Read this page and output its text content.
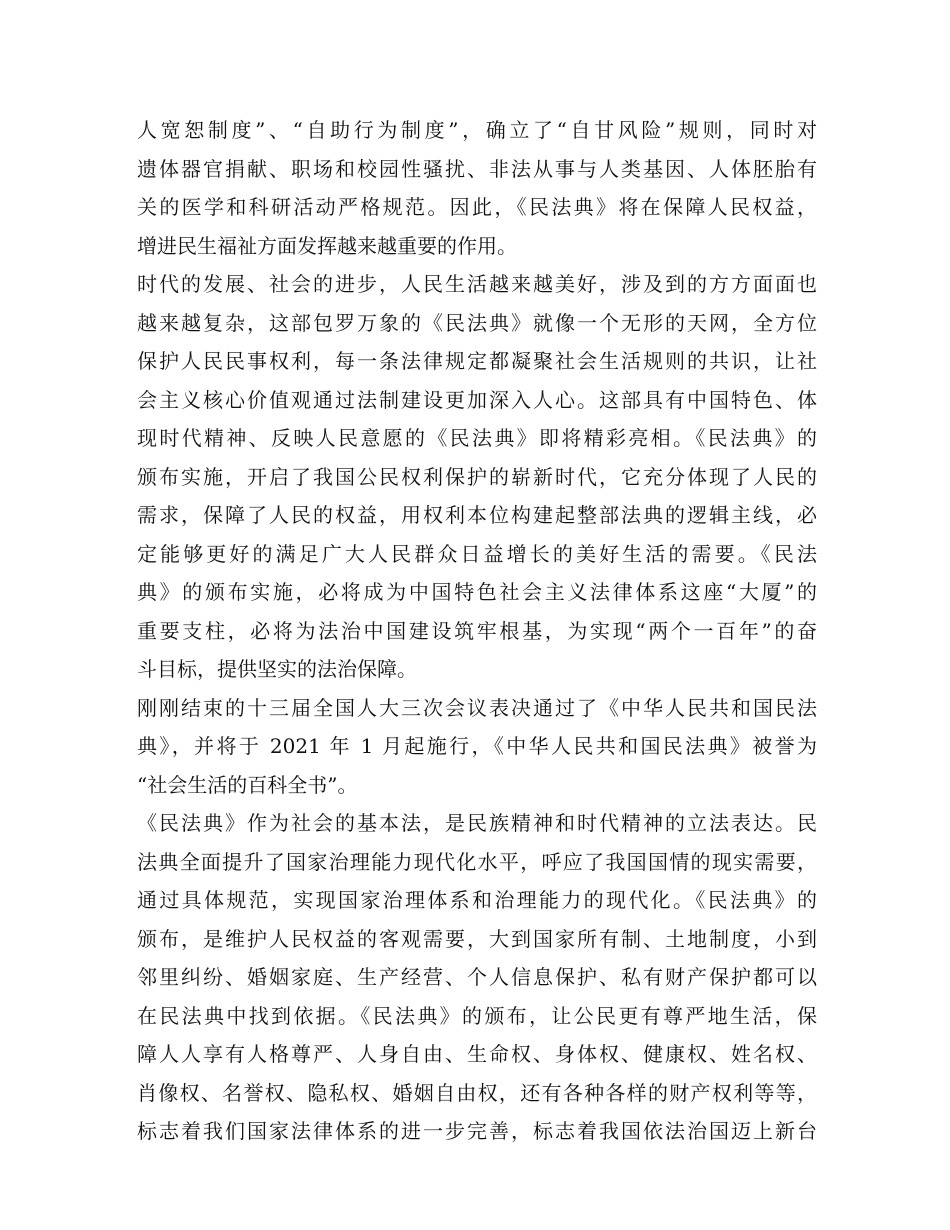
人宽恕制度”、“自助行为制度”，确立了“自甘风险”规则，同时对
遗体器官捐献、职场和校园性骚扰、非法从事与人类基因、人体胚胎有
关的医学和科研活动严格规范。因此，《民法典》将在保障人民权益，
增进民生福祉方面发挥越来越重要的作用。
时代的发展、社会的进步，人民生活越来越美好，涉及到的方方面面也
越来越复杂，这部包罗万象的《民法典》就像一个无形的天网，全方位
保护人民民事权利，每一条法律规定都凝聚社会生活规则的共识，让社
会主义核心价值观通过法制建设更加深入人心。这部具有中国特色、体
现时代精神、反映人民意愿的《民法典》即将精彩亮相。《民法典》的
颁布实施，开启了我国公民权利保护的崭新时代，它充分体现了人民的
需求，保障了人民的权益，用权利本位构建起整部法典的逻辑主线，必
定能够更好的满足广大人民群众日益增长的美好生活的需要。《民法
典》的颁布实施，必将成为中国特色社会主义法律体系这座“大厦”的
重要支柱，必将为法治中国建设筑牢根基，为实现“两个一百年”的奋
斗目标，提供坚实的法治保障。
刚刚结束的十三届全国人大三次会议表决通过了《中华人民共和国民法
典》，并将于 2021 年 1 月起施行，《中华人民共和国民法典》被誉为
“社会生活的百科全书”。
《民法典》作为社会的基本法，是民族精神和时代精神的立法表达。民
法典全面提升了国家治理能力现代化水平，呼应了我国国情的现实需要，
通过具体规范，实现国家治理体系和治理能力的现代化。《民法典》的
颁布，是维护人民权益的客观需要，大到国家所有制、土地制度，小到
邻里纠纷、婚姻家庭、生产经营、个人信息保护、私有财产保护都可以
在民法典中找到依据。《民法典》的颁布，让公民更有尊严地生活，保
障人人享有人格尊严、人身自由、生命权、身体权、健康权、姓名权、
肖像权、名誉权、隐私权、婚姻自由权，还有各种各样的财产权利等等，
标志着我们国家法律体系的进一步完善，标志着我国依法治国迈上新台
